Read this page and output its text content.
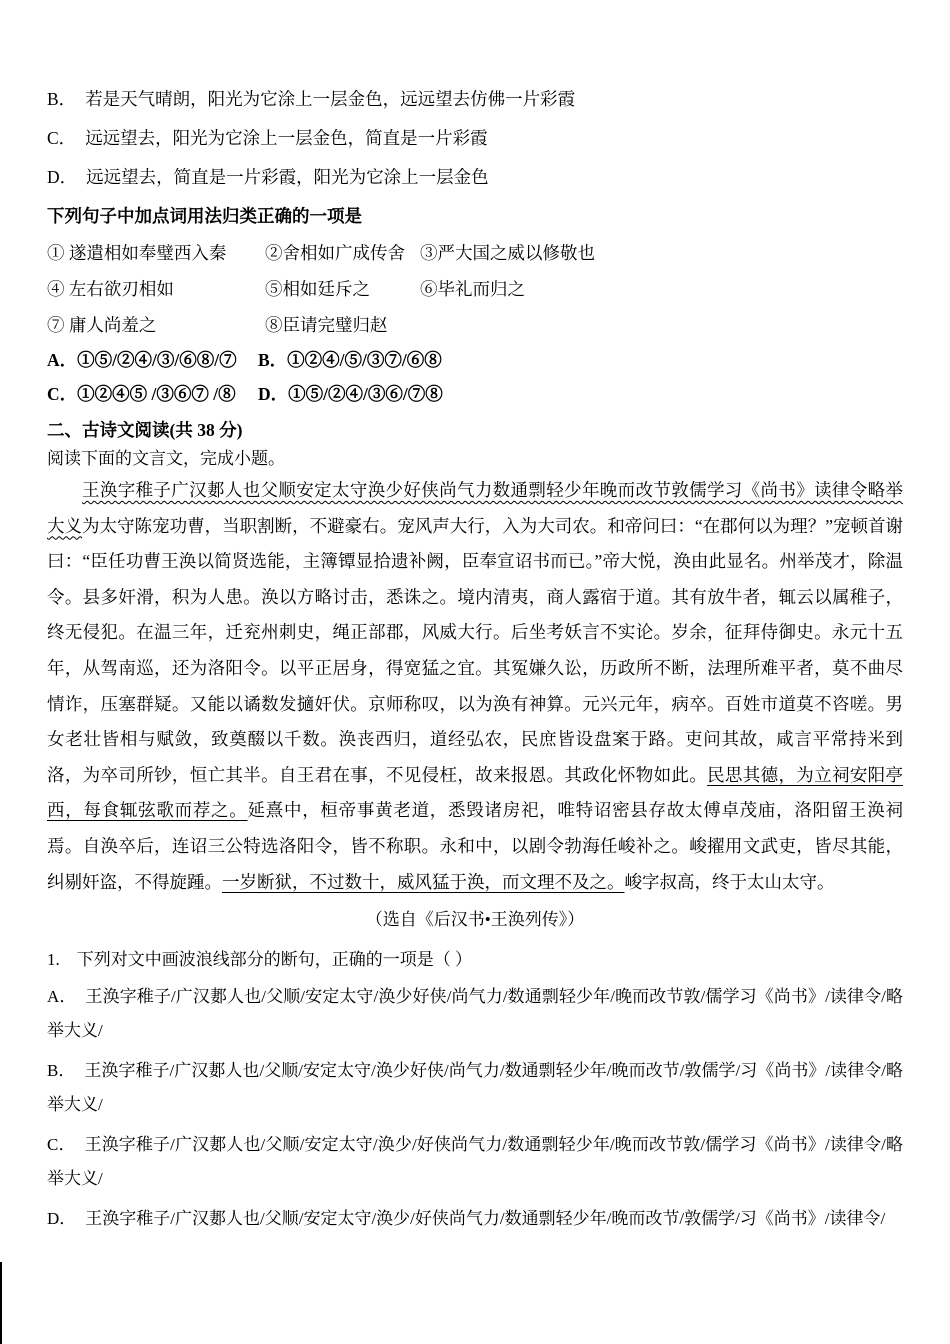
B． 若是天气晴朗，阳光为它涂上一层金色，远远望去仿佛一片彩霞
C． 远远望去，阳光为它涂上一层金色，简直是一片彩霞
D． 远远望去，简直是一片彩霞，阳光为它涂上一层金色
下列句子中加点词用法归类正确的一项是
① 遂遣相如奉璧西入秦 ②舍相如广成传舍 ③严大国之威以修敬也
④ 左右欲刃相如	⑤相如廷斥之	⑥毕礼而归之
⑦ 庸人尚羞之	⑧臣请完璧归赵
A．①⑤/②④/③/⑥⑧/⑦ B．①②④/⑤/③⑦/⑥⑧
C．①②④⑤ /③⑥⑦ /⑧ D．①⑤/②④/③⑥/⑦⑧
二、古诗文阅读(共 38 分)
阅读下面的文言文，完成小题。
王涣字稚子广汉郪人也父顺安定太守涣少好侠尚气力数通剽轻少年晚而改节敦儒学习《尚书》读律令略举大义为太守陈宠功曹，当职割断，不避豪右。宠风声大行，入为大司农。和帝问曰：“在郡何以为理？”宠顿首谢曰：“臣任功曹王涣以简贤选能，主簿镡显拾遗补阙，臣奉宣诏书而已。”帝大悦，涣由此显名。州举茂才，除温令。县多奸滑，积为人患。涣以方略讨击，悉诛之。境内清夷，商人露宿于道。其有放牛者，辄云以属稚子，终无侵犯。在温三年，迁兖州刺史，绳正部郡，风威大行。后坐考妖言不实论。岁余，征拜侍御史。永元十五年，从驾南巡，还为洛阳令。以平正居身，得宽猛之宜。其冤嫌久讼，历政所不断，法理所难平者，莫不曲尽情诈，压塞群疑。又能以谲数发擿奸伏。京师称叹，以为涣有神算。元兴元年，病卒。百姓市道莫不咨嗟。男女老壮皆相与赋敛，致奠醊以千数。涣丧西归，道经弘农，民庶皆设盘案于路。吏问其故，咸言平常持米到洛，为卒司所钞，恒亡其半。自王君在事，不见侵枉，故来报恩。其政化怀物如此。民思其德，为立祠安阳亭西，每食辄弦歌而荐之。延熹中，桓帝事黄老道，悉毁诸房祀，唯特诏密县存故太傅卓茂庙，洛阳留王涣祠焉。自涣卒后，连诏三公特选洛阳令，皆不称职。永和中，以剧令勃海任峻补之。峻擢用文武吏，皆尽其能，纠剔奸盗，不得旋踵。一岁断狱，不过数十，威风猛于涣，而文理不及之。峻字叔高，终于太山太守。
（选自《后汉书•王涣列传》）
1.　下列对文中画波浪线部分的断句，正确的一项是（ ）
A． 王涣字稚子/广汉郪人也/父顺/安定太守/涣少好侠/尚气力/数通剽轻少年/晚而改节敦/儒学习《尚书》/读律令/略举大义/
B． 王涣字稚子/广汉郪人也/父顺/安定太守/涣少好侠/尚气力/数通剽轻少年/晚而改节/敦儒学/习《尚书》/读律令/略举大义/
C． 王涣字稚子/广汉郪人也/父顺/安定太守/涣少/好侠尚气力/数通剽轻少年/晚而改节敦/儒学习《尚书》/读律令/略举大义/
D． 王涣字稚子/广汉郪人也/父顺/安定太守/涣少/好侠尚气力/数通剽轻少年/晚而改节/敦儒学/习《尚书》/读律令/
